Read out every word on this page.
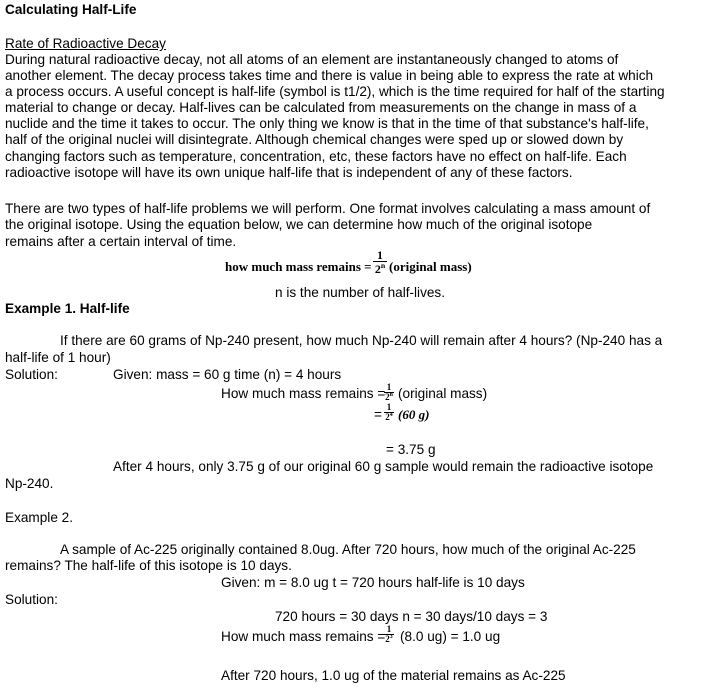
Calculating Half-Life
Rate of Radioactive Decay
During natural radioactive decay, not all atoms of an element are instantaneously changed to atoms of
another element. The decay process takes time and there is value in being able to express the rate at which
a process occurs. A useful concept is half-life (symbol is t1/2), which is the time required for half of the starting
material to change or decay. Half-lives can be calculated from measurements on the change in mass of a
nuclide and the time it takes to occur. The only thing we know is that in the time of that substance's half-life,
half of the original nuclei will disintegrate. Although chemical changes were sped up or slowed down by
changing factors such as temperature, concentration, etc, these factors have no effect on half-life. Each
radioactive isotope will have its own unique half-life that is independent of any of these factors.
There are two types of half-life problems we will perform. One format involves calculating a mass amount of
the original isotope. Using the equation below, we can determine how much of the original isotope
remains after a certain interval of time.
how much mass remains = $\frac{1}{2^n}$ (original mass)
n is the number of half-lives.
Example 1. Half-life
If there are 60 grams of Np-240 present, how much Np-240 will remain after 4 hours? (Np-240 has a
half-life of 1 hour)
Solution:	Given: mass = 60 g time (n) = 4 hours
How much mass remains =
$\frac{1}{2^n}$ (original mass)
= $\frac{1}{2^4} (60$ g)
= 3.75 g
After 4 hours, only 3.75 g of our original 60 g sample would remain the radioactive isotope
Np-240.
Example 2.
A sample of Ac-225 originally contained 8.0ug. After 720 hours, how much of the original Ac-225
remains? The half-life of this isotope is 10 days.
Given: m = 8.0 ug t = 720 hours half-life is 10 days
Solution:
720 hours = 30 days n = 30 days/10 days = 3
How much mass remains =
$\frac{1}{2^3} (8.0$ ug) = 1.0 ug
After 720 hours, 1.0 ug of the material remains as Ac-225
